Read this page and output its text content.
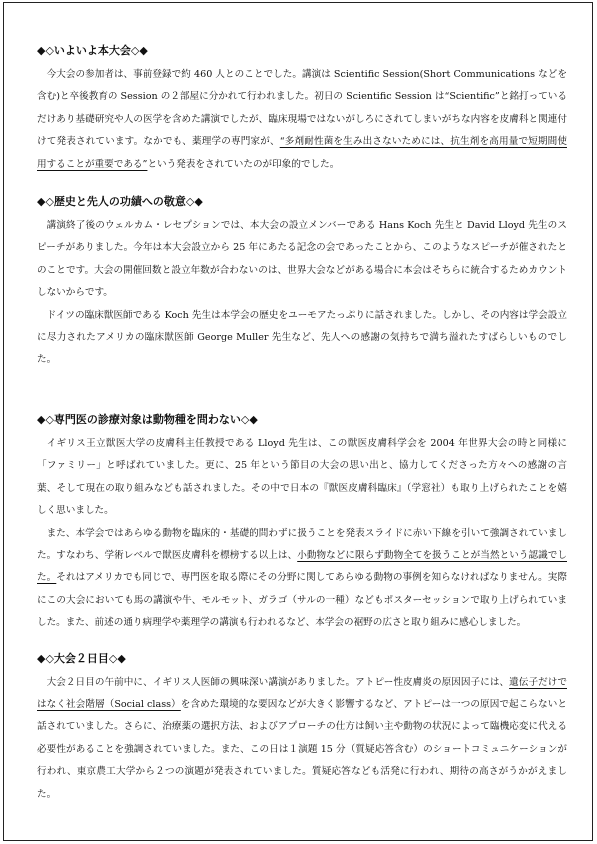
◆◇いよいよ本大会◇◆

今大会の参加者は、事前登録で約 460 人とのことでした。講演は Scientific Session(Short Communications などを含む)と卒後教育の Session の２部屋に分かれて行われました。初日の Scientific Session は“Scientific”と銘打っているだけあり基礎研究や人の医学を含めた講演でしたが、臨床現場ではないがしろにされてしまいがちな内容を皮膚科と関連付けて発表されています。なかでも、薬理学の専門家が、“多剤耐性菌を生み出さないためには、抗生剤を高用量で短期間使用することが重要である”という発表をされていたのが印象的でした。

◆◇歴史と先人の功績への敬意◇◆

講演終了後のウェルカム・レセプションでは、本大会の設立メンバーである Hans Koch 先生と David Lloyd 先生のスピーチがありました。今年は本大会設立から 25 年にあたる記念の会であったことから、このようなスピーチが催されたとのことです。大会の開催回数と設立年数が合わないのは、世界大会などがある場合に本会はそちらに統合するためカウントしないからです。

ドイツの臨床獣医師である Koch 先生は本学会の歴史をユーモアたっぷりに話されました。しかし、その内容は学会設立に尽力されたアメリカの臨床獣医師 George Muller 先生など、先人への感謝の気持ちで満ち溢れたすばらしいものでした。

◆◇専門医の診療対象は動物種を問わない◇◆

イギリス王立獣医大学の皮膚科主任教授である Lloyd 先生は、この獣医皮膚科学会を 2004 年世界大会の時と同様に「ファミリー」と呼ばれていました。更に、25 年という節目の大会の思い出と、協力してくださった方々への感謝の言葉、そして現在の取り組みなども話されました。その中で日本の『獣医皮膚科臨床』（学窓社）も取り上げられたことを嬉しく思いました。

また、本学会ではあらゆる動物を臨床的・基礎的問わずに扱うことを発表スライドに赤い下線を引いて強調されていました。すなわち、学術レベルで獣医皮膚科を標榜する以上は、小動物などに限らず動物全てを扱うことが当然という認識でした。それはアメリカでも同じで、専門医を取る際にその分野に関してあらゆる動物の事例を知らなければなりません。実際にこの大会においても馬の講演や牛、モルモット、ガラゴ（サルの一種）などもポスターセッションで取り上げられていました。また、前述の通り病理学や薬理学の講演も行われるなど、本学会の裾野の広さと取り組みに感心しました。

◆◇大会２日目◇◆

大会２日目の午前中に、イギリス人医師の興味深い講演がありました。アトピー性皮膚炎の原因因子には、遺伝子だけではなく社会階層（Social class）を含めた環境的な要因などが大きく影響するなど、アトピーは一つの原因で起こらないと話されていました。さらに、治療薬の選択方法、およびアプローチの仕方は飼い主や動物の状況によって臨機応変に代える必要性があることを強調されていました。また、この日は１演題 15 分（質疑応答含む）のショートコミュニケーションが行われ、東京農工大学から２つの演題が発表されていました。質疑応答なども活発に行われ、期待の高さがうかがえました。
